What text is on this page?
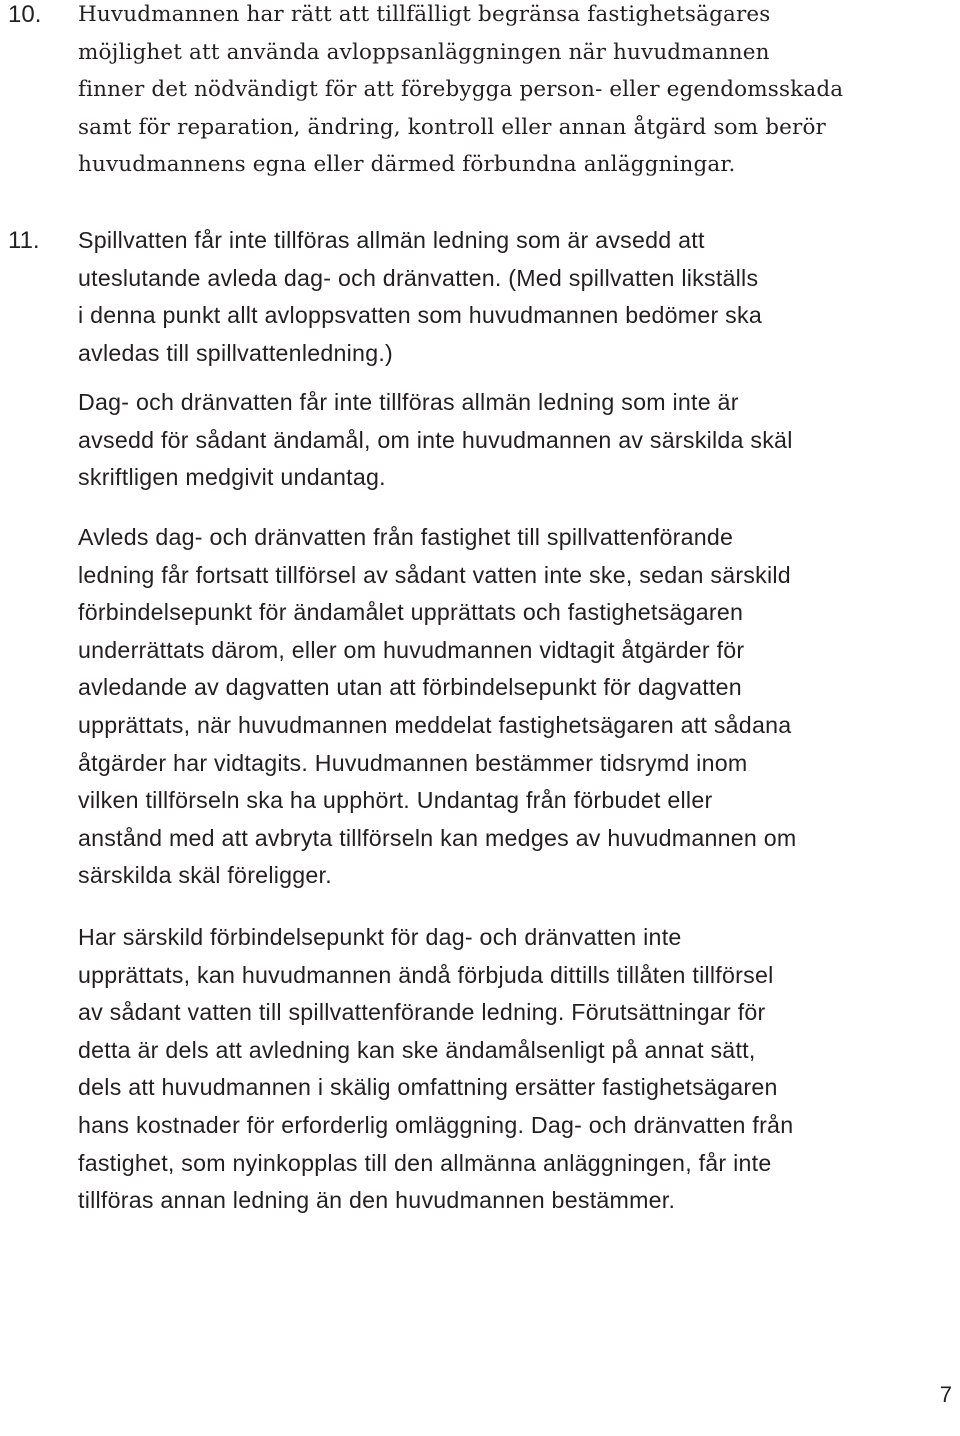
10. Huvudmannen har rätt att tillfälligt begränsa fastighetsägares
möjlighet att använda avloppsanläggningen när huvudmannen
finner det nödvändigt för att förebygga person- eller egendomsskada
samt för reparation, ändring, kontroll eller annan åtgärd som berör
huvudmannens egna eller därmed förbundna anläggningar.

11. Spillvatten får inte tillföras allmän ledning som är avsedd att
uteslutande avleda dag- och dränvatten. (Med spillvatten likställs
i denna punkt allt avloppsvatten som huvudmannen bedömer ska
avledas till spillvattenledning.)

Dag- och dränvatten får inte tillföras allmän ledning som inte är
avsedd för sådant ändamål, om inte huvudmannen av särskilda skäl
skriftligen medgivit undantag.

Avleds dag- och dränvatten från fastighet till spillvattenförande
ledning får fortsatt tillförsel av sådant vatten inte ske, sedan särskild
förbindelsepunkt för ändamålet upprättats och fastighetsägaren
underrättats därom, eller om huvudmannen vidtagit åtgärder för
avledande av dagvatten utan att förbindelsepunkt för dagvatten
upprättats, när huvudmannen meddelat fastighetsägaren att sådana
åtgärder har vidtagits. Huvudmannen bestämmer tidsrymd inom
vilken tillförseln ska ha upphört. Undantag från förbudet eller
anstånd med att avbryta tillförseln kan medges av huvudmannen om
särskilda skäl föreligger.

Har särskild förbindelsepunkt för dag- och dränvatten inte
upprättats, kan huvudmannen ändå förbjuda dittills tillåten tillförsel
av sådant vatten till spillvattenförande ledning. Förutsättningar för
detta är dels att avledning kan ske ändamålsenligt på annat sätt,
dels att huvudmannen i skälig omfattning ersätter fastighetsägaren
hans kostnader för erforderlig omläggning. Dag- och dränvatten från
fastighet, som nyinkopplas till den allmänna anläggningen, får inte
tillföras annan ledning än den huvudmannen bestämmer.

7
